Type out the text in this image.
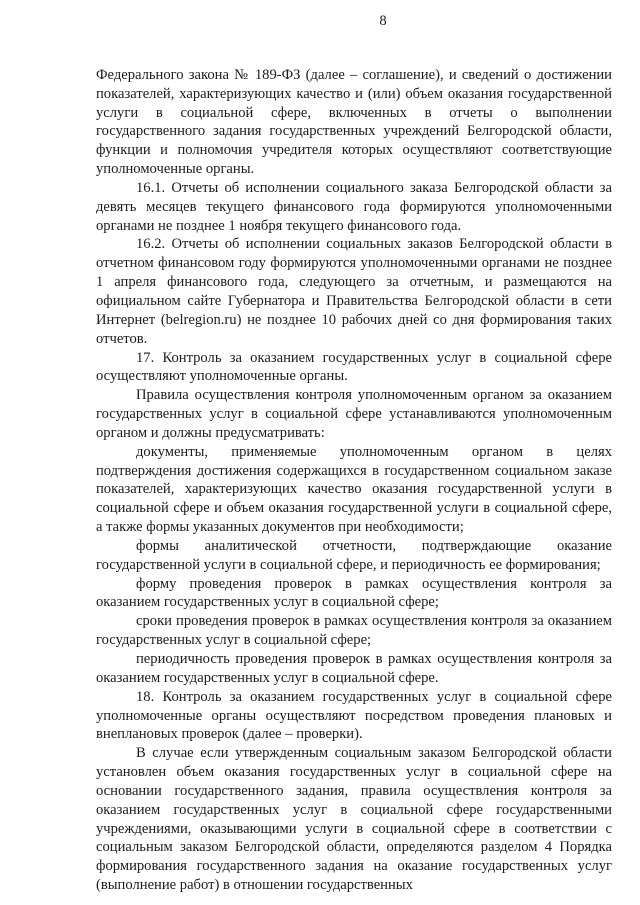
8

Федерального закона № 189-ФЗ (далее – соглашение), и сведений о достижении показателей, характеризующих качество и (или) объем оказания государственной услуги в социальной сфере, включенных в отчеты о выполнении государственного задания государственных учреждений Белгородской области, функции и полномочия учредителя которых осуществляют соответствующие уполномоченные органы.

16.1. Отчеты об исполнении социального заказа Белгородской области за девять месяцев текущего финансового года формируются уполномоченными органами не позднее 1 ноября текущего финансового года.

16.2. Отчеты об исполнении социальных заказов Белгородской области в отчетном финансовом году формируются уполномоченными органами не позднее 1 апреля финансового года, следующего за отчетным, и размещаются на официальном сайте Губернатора и Правительства Белгородской области в сети Интернет (belregion.ru) не позднее 10 рабочих дней со дня формирования таких отчетов.

17. Контроль за оказанием государственных услуг в социальной сфере осуществляют уполномоченные органы.

Правила осуществления контроля уполномоченным органом за оказанием государственных услуг в социальной сфере устанавливаются уполномоченным органом и должны предусматривать:

документы, применяемые уполномоченным органом в целях подтверждения достижения содержащихся в государственном социальном заказе показателей, характеризующих качество оказания государственной услуги в социальной сфере и объем оказания государственной услуги в социальной сфере, а также формы указанных документов при необходимости;

формы аналитической отчетности, подтверждающие оказание государственной услуги в социальной сфере, и периодичность ее формирования;

форму проведения проверок в рамках осуществления контроля за оказанием государственных услуг в социальной сфере;

сроки проведения проверок в рамках осуществления контроля за оказанием государственных услуг в социальной сфере;

периодичность проведения проверок в рамках осуществления контроля за оказанием государственных услуг в социальной сфере.

18. Контроль за оказанием государственных услуг в социальной сфере уполномоченные органы осуществляют посредством проведения плановых и внеплановых проверок (далее – проверки).

В случае если утвержденным социальным заказом Белгородской области установлен объем оказания государственных услуг в социальной сфере на основании государственного задания, правила осуществления контроля за оказанием государственных услуг в социальной сфере государственными учреждениями, оказывающими услуги в социальной сфере в соответствии с социальным заказом Белгородской области, определяются разделом 4 Порядка формирования государственного задания на оказание государственных услуг (выполнение работ) в отношении государственных
